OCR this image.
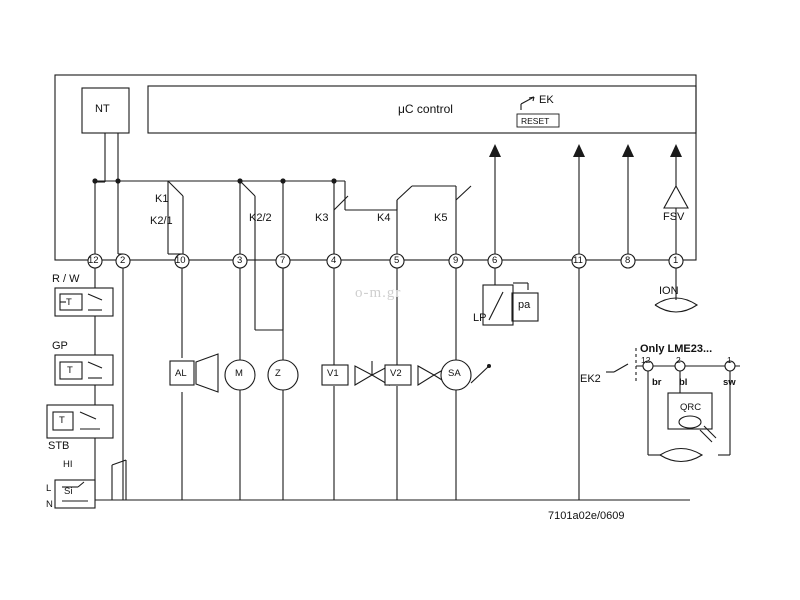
NT	μC control
EK
RESET
FSV
ION
LP
pa
EK2
Only LME23...
QRC
K1
K2/1	K2/2	K3	K4	K5
12 2	10	3	7	4	5	9	6	11	8	1
R / W
T
GP
T
STB
T
HI
L
N
Si
AL	M	Z	V1	V2	SA
12	2	1
br bl	sw
7101a02e/0609
o-m.gr
